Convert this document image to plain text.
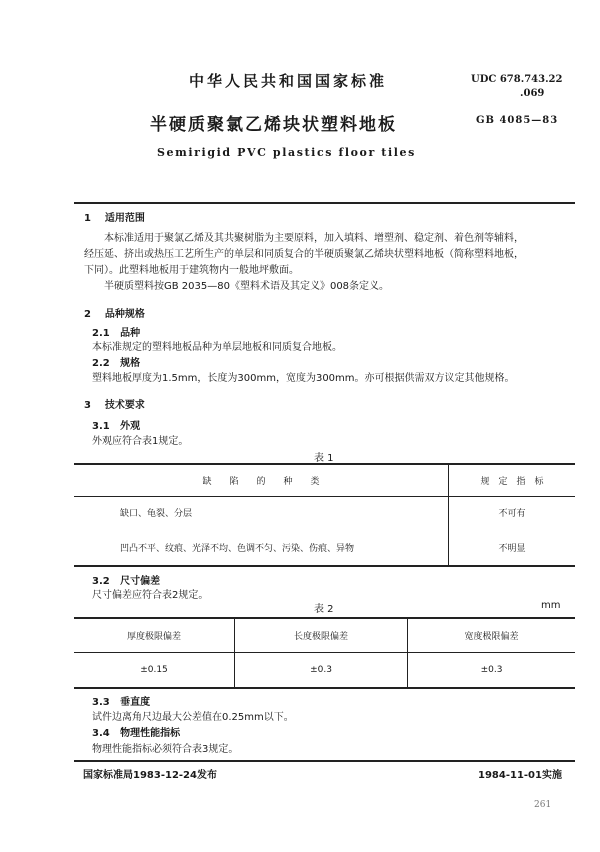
中华人民共和国国家标准	UDC 678.743.22
.069
半硬质聚氯乙烯块状塑料地板	GB 4085—83
Semirigid PVC plastics floor tiles
1 适用范围
本标准适用于聚氯乙烯及其共聚树脂为主要原料，加入填料、增塑剂、稳定剂、着色剂等辅料，
经压延、挤出或热压工艺所生产的单层和同质复合的半硬质聚氯乙烯块状塑料地板（简称塑料地板，
下同）。此塑料地板用于建筑物内一般地坪敷面。
半硬质塑料按GB 2035—80《塑料术语及其定义》008条定义。
2 品种规格
2.1 品种
本标准规定的塑料地板品种为单层地板和同质复合地板。
2.2 规格
塑料地板厚度为1.5mm，长度为300mm，宽度为300mm。亦可根据供需双方议定其他规格。
3 技术要求
3.1 外观
外观应符合表1规定。
表 1
缺　　陷　　的　　种　　类	规　定　指　标
缺口、龟裂、分层	不可有
凹凸不平、纹痕、光泽不均、色调不匀、污染、伤痕、异物	不明显
3.2 尺寸偏差
尺寸偏差应符合表2规定。
表 2	mm
厚度极限偏差	长度极限偏差	宽度极限偏差
±0.15	±0.3	±0.3
3.3 垂直度
试件边离角尺边最大公差值在0.25mm以下。
3.4 物理性能指标
物理性能指标必须符合表3规定。
国家标准局1983-12-24发布	1984-11-01实施
261
